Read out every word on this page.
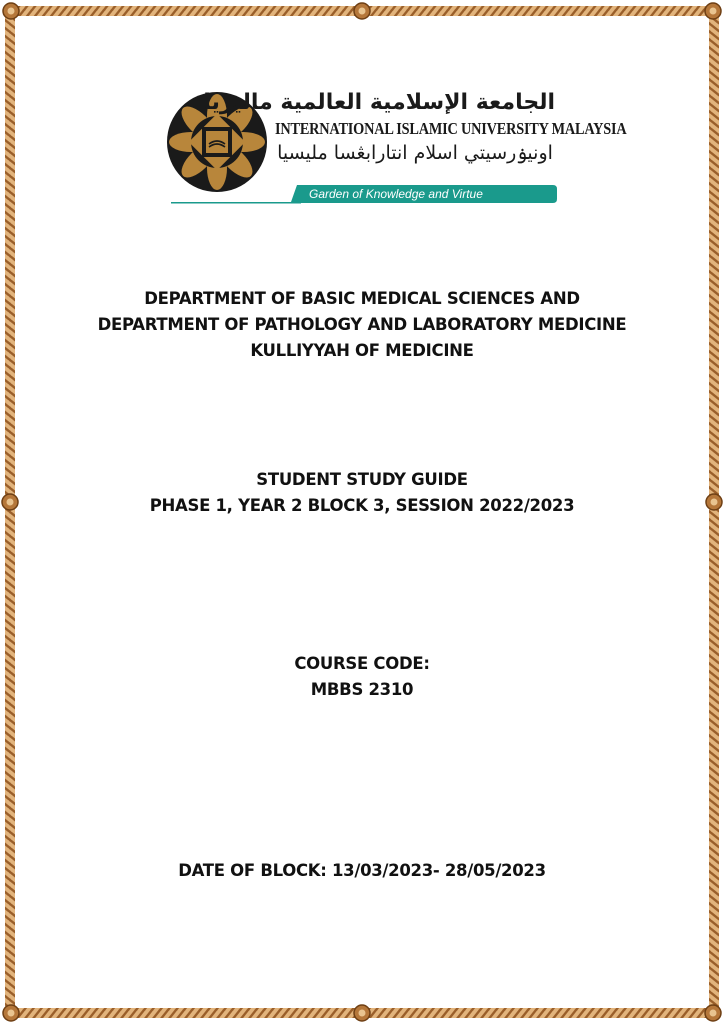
الجامعة الإسلامية العالمية ماليزيا
INTERNATIONAL ISLAMIC UNIVERSITY MALAYSIA
اونيۏرسيتي اسلام انتارابڠسا مليسيا
Garden of Knowledge and Virtue
DEPARTMENT OF BASIC MEDICAL SCIENCES AND
DEPARTMENT OF PATHOLOGY AND LABORATORY MEDICINE
KULLIYYAH OF MEDICINE
STUDENT STUDY GUIDE
PHASE 1, YEAR 2 BLOCK 3, SESSION 2022/2023
COURSE CODE:
MBBS 2310
DATE OF BLOCK: 13/03/2023- 28/05/2023
